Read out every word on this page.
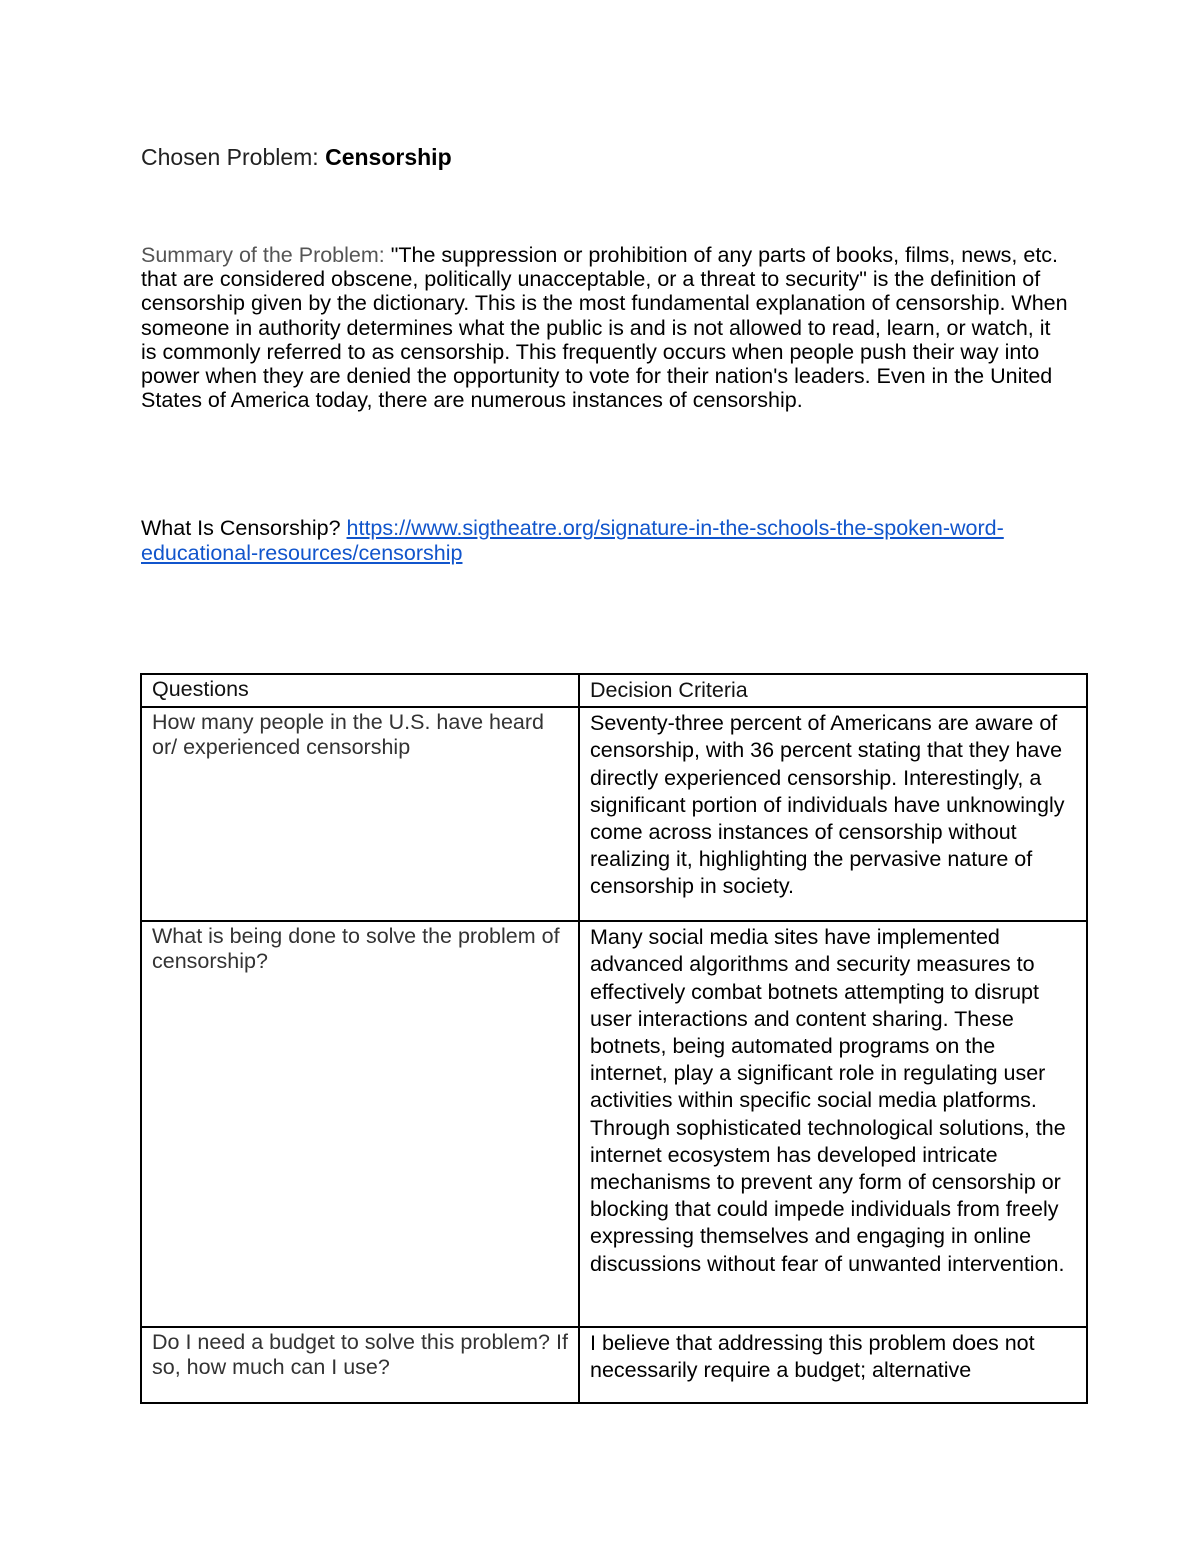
Chosen Problem: Censorship
Summary of the Problem: "The suppression or prohibition of any parts of books, films, news, etc. that are considered obscene, politically unacceptable, or a threat to security" is the definition of censorship given by the dictionary. This is the most fundamental explanation of censorship. When someone in authority determines what the public is and is not allowed to read, learn, or watch, it is commonly referred to as censorship. This frequently occurs when people push their way into power when they are denied the opportunity to vote for their nation's leaders. Even in the United States of America today, there are numerous instances of censorship.
What Is Censorship? https://www.sigtheatre.org/signature-in-the-schools-the-spoken-word-educational-resources/censorship
Questions	Decision Criteria
How many people in the U.S. have heard or/ experienced censorship	Seventy-three percent of Americans are aware of censorship, with 36 percent stating that they have directly experienced censorship. Interestingly, a significant portion of individuals have unknowingly come across instances of censorship without realizing it, highlighting the pervasive nature of censorship in society.
What is being done to solve the problem of censorship?	Many social media sites have implemented advanced algorithms and security measures to effectively combat botnets attempting to disrupt user interactions and content sharing. These botnets, being automated programs on the internet, play a significant role in regulating user activities within specific social media platforms. Through sophisticated technological solutions, the internet ecosystem has developed intricate mechanisms to prevent any form of censorship or blocking that could impede individuals from freely expressing themselves and engaging in online discussions without fear of unwanted intervention.
Do I need a budget to solve this problem? If so, how much can I use?	I believe that addressing this problem does not necessarily require a budget; alternative
